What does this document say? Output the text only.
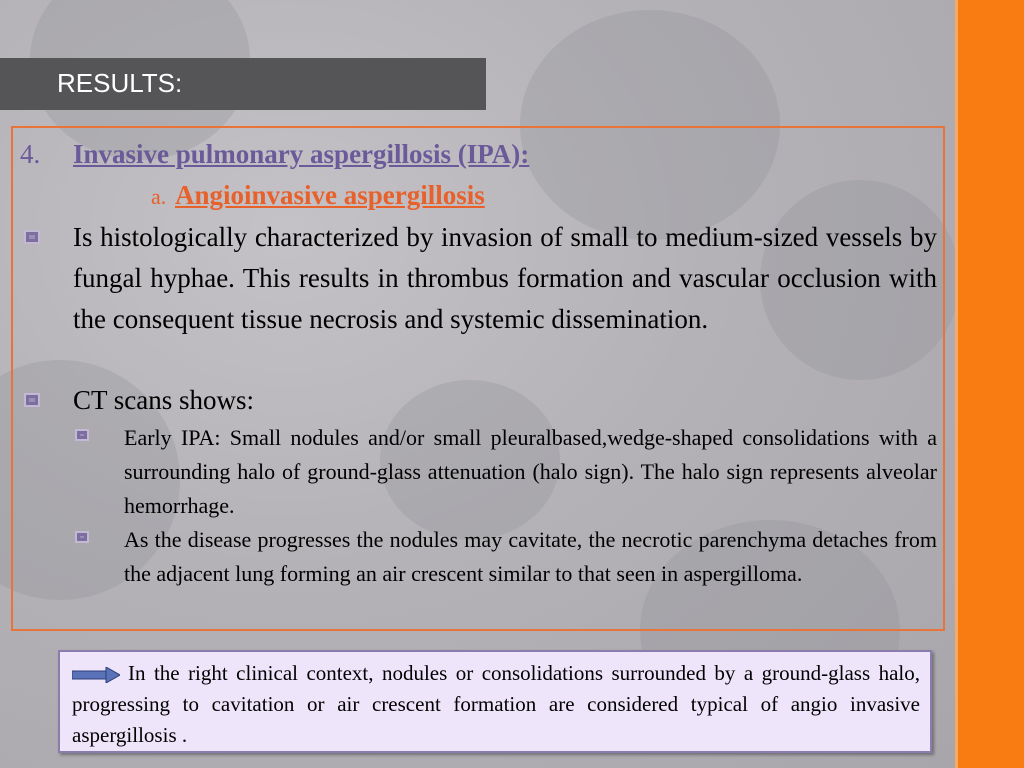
RESULTS:
4. Invasive pulmonary aspergillosis (IPA):
a. Angioinvasive aspergillosis
Is histologically characterized by invasion of small to medium-sized vessels by fungal hyphae. This results in thrombus formation and vascular occlusion with the consequent tissue necrosis and systemic dissemination.
CT scans shows:
Early IPA: Small nodules and/or small pleuralbased,wedge-shaped consolidations with a surrounding halo of ground-glass attenuation (halo sign). The halo sign represents alveolar hemorrhage.
As the disease progresses the nodules may cavitate, the necrotic parenchyma detaches from the adjacent lung forming an air crescent similar to that seen in aspergilloma.
In the right clinical context, nodules or consolidations surrounded by a ground-glass halo, progressing to cavitation or air crescent formation are considered typical of angio invasive aspergillosis .
